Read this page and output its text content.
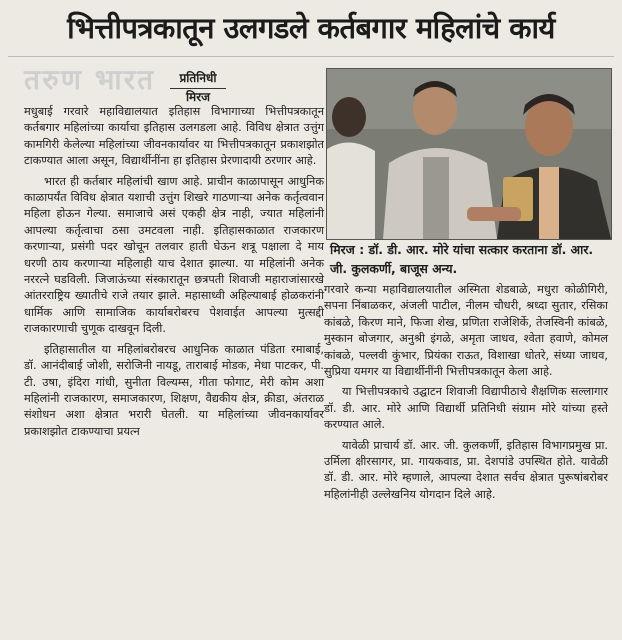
भित्तीपत्रकातून उलगडले कर्तबगार महिलांचे कार्य
तरुण भारत	प्रतिनिधी
मिरज

मधुबाई गरवारे महाविद्यालयात इतिहास विभागाच्या भित्तीपत्रकातून कर्तबगार महिलांच्या कार्याचा इतिहास उलगडला आहे. विविध क्षेत्रात उत्तुंग कामगिरी केलेल्या महिलांच्या जीवनकार्यावर या भित्तीपत्रकातून प्रकाशझोत टाकण्यात आला असून, विद्यार्थीनींना हा इतिहास प्रेरणादायी ठरणार आहे.

भारत ही कर्तबार महिलांची खाण आहे. प्राचीन काळापासून आधुनिक काळापर्यंत विविध क्षेत्रात यशाची उत्तुंग शिखरे गाठणाऱ्या अनेक कर्तृत्ववान महिला होऊन गेल्या. समाजाचे असं एकही क्षेत्र नाही, ज्यात महिलांनी आपल्या कर्तृत्वाचा ठसा उमटवला नाही. इतिहासकाळात राजकारण करणाऱ्या, प्रसंगी पदर खोचून तलवार हाती घेऊन शत्रू पक्षाला दे माय धरणी ठाय करणाऱ्या महिलाही याच देशात झाल्या. या महिलांनी अनेक नररत्ने घडविली. जिजाऊंच्या संस्कारातून छत्रपती शिवाजी महाराजांसारखे आंतरराष्ट्रिय ख्यातीचे राजे तयार झाले. महासाध्वी अहिल्याबाई होळकरांनी धार्मिक आणि सामाजिक कार्याबरोबरच पेशवाईत आपल्या मुत्सद्दी राजकारणाची चुणूक दाखवून दिली.

इतिहासातील या महिलांबरोबरच आधुनिक काळात पंडिता रमाबाई, डॉ. आनंदीबाई जोशी, सरोजिनी नायडू, ताराबाई मोडक, मेधा पाटकर, पी. टी. उषा, इंदिरा गांधी, सुनीता विल्यम्स, गीता फोगाट, मेरी कोम अशा महिलांनी राजकारण, समाजकारण, शिक्षण, वैद्यकीय क्षेत्र, क्रीडा, अंतराळ संशोधन अशा क्षेत्रात भरारी घेतली. या महिलांच्या जीवनकार्यावर प्रकाशझोत टाकण्याचा प्रयत्न

मिरज : डॉ. डी. आर. मोरे यांचा सत्कार करताना डॉ. आर. जी. कुलकर्णी, बाजूस अन्य.

गरवारे कन्या महाविद्यालयातील अस्मिता शेडबाळे, मधुरा कोळीगिरी, सपना निंबाळकर, अंजली पाटील, नीलम चौधरी, श्रध्दा सुतार, रसिका कांबळे, किरण माने, फिजा शेख, प्रणिता राजेशिर्के, तेजस्विनी कांबळे, मुस्कान बोजगार, अनुश्री इंगळे, अमृता जाधव, श्वेता हवाणे, कोमल कांबळे, पल्लवी कुंभार, प्रियंका राऊत, विशाखा धोतरे, संध्या जाधव, सुप्रिया यमगर या विद्यार्थीनींनी भित्तीपत्रकातून केला आहे.

या भित्तीपत्रकाचे उद्घाटन शिवाजी विद्यापीठाचे शैक्षणिक सल्लागार डॉ. डी. आर. मोरे आणि विद्यार्थी प्रतिनिधी संग्राम मोरे यांच्या हस्ते करण्यात आले.

यावेळी प्राचार्य डॉ. आर. जी. कुलकर्णी, इतिहास विभागप्रमुख प्रा. उर्मिला क्षीरसागर, प्रा. गायकवाड, प्रा. देशपांडे उपस्थित होते. यावेळी डॉ. डी. आर. मोरे म्हणाले, आपल्या देशात सर्वच क्षेत्रात पुरूषांबरोबर महिलांनीही उल्लेखनिय योगदान दिले आहे.
